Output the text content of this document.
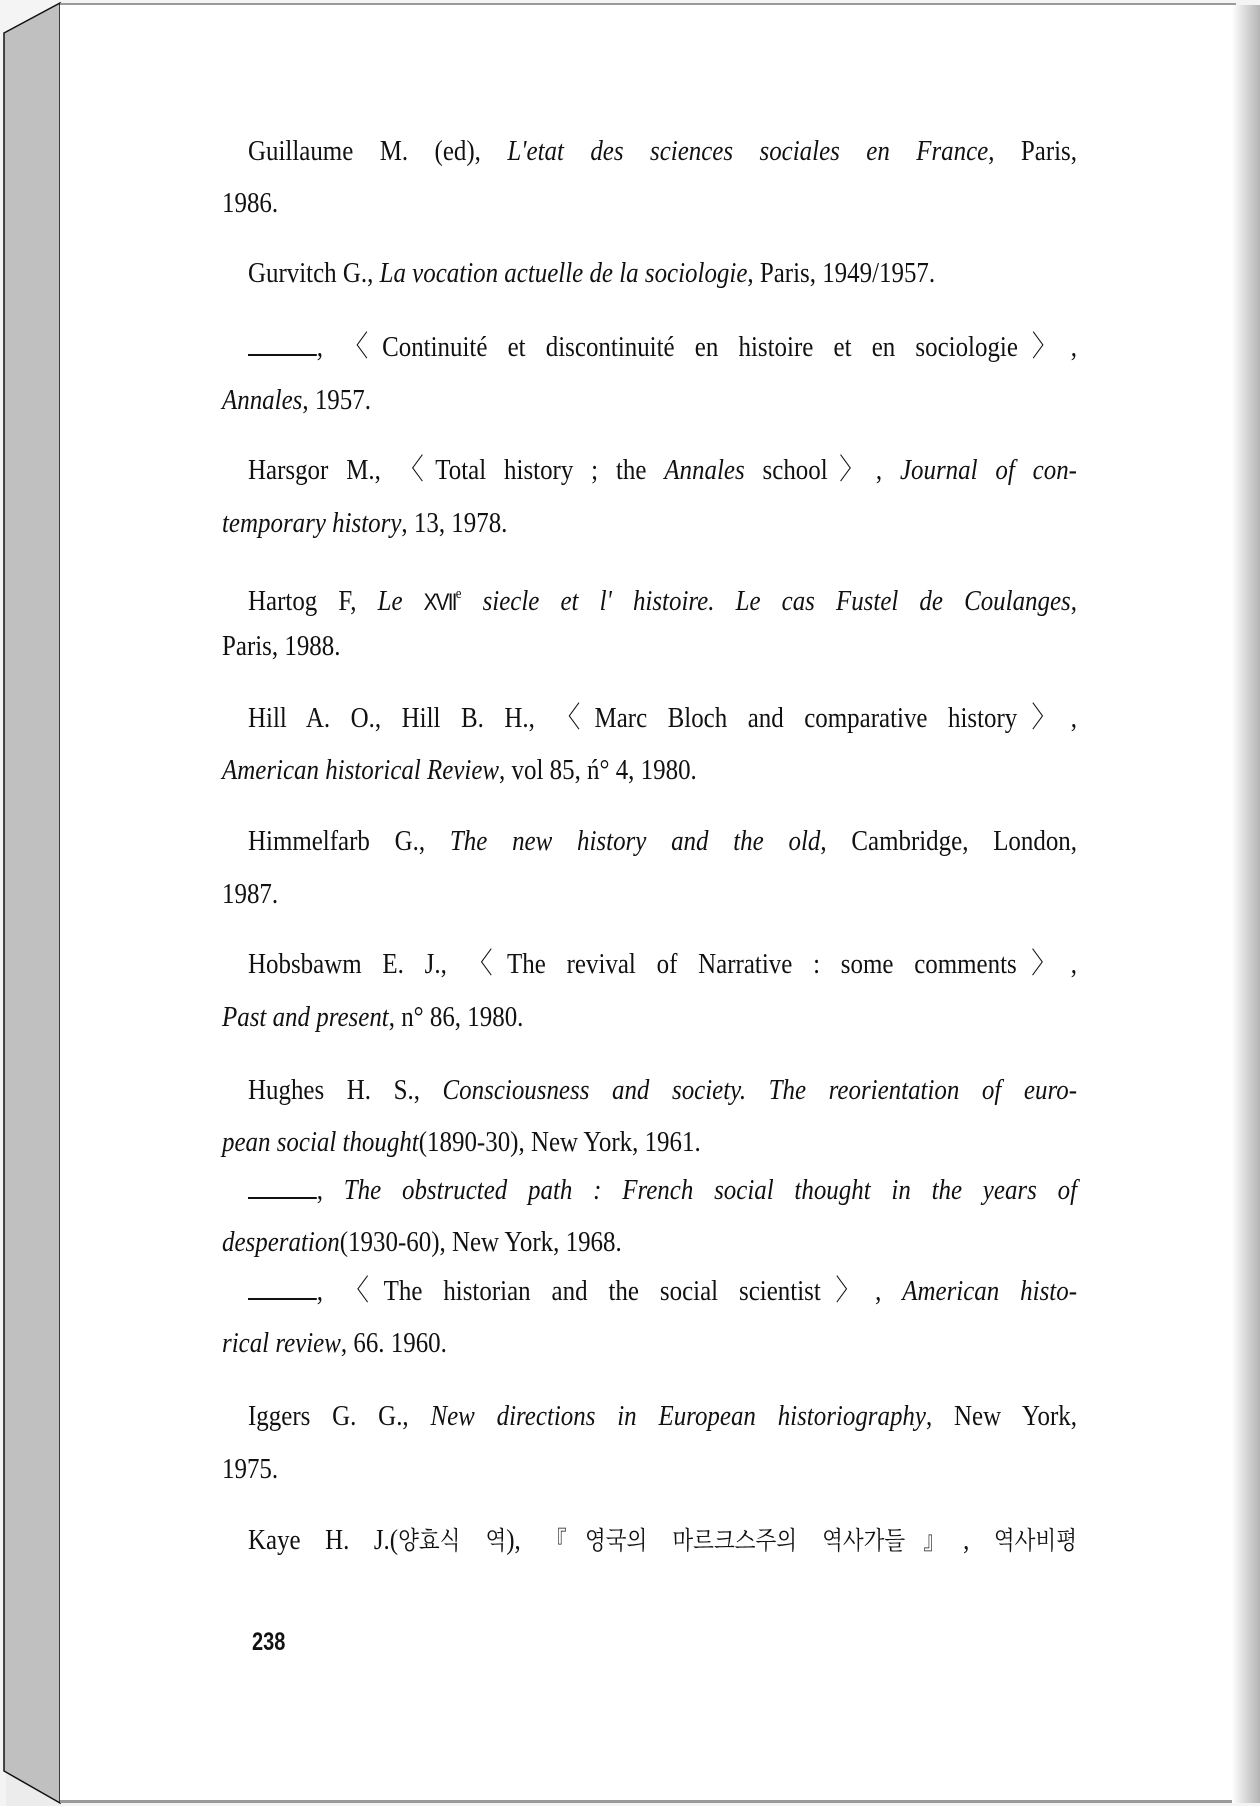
Guillaume M. (ed), L'etat des sciences sociales en France, Paris,
1986.
Gurvitch G., La vocation actuelle de la sociologie, Paris, 1949/1957.
, 〈Continuité et discontinuité en histoire et en sociologie〉,
Annales, 1957.
Harsgor M., 〈Total history ; the Annales school〉, Journal of con-
temporary history, 13, 1978.
Hartog F, Le XVIIe siecle et l' histoire. Le cas Fustel de Coulanges,
Paris, 1988.
Hill A. O., Hill B. H., 〈Marc Bloch and comparative history〉,
American historical Review, vol 85, ń° 4, 1980.
Himmelfarb G., The new history and the old, Cambridge, London,
1987.
Hobsbawm E. J., 〈The revival of Narrative : some comments〉,
Past and present, n° 86, 1980.
Hughes H. S., Consciousness and society. The reorientation of euro-
pean social thought(1890-30), New York, 1961.
, The obstructed path : French social thought in the years of
desperation(1930-60), New York, 1968.
, 〈The historian and the social scientist〉, American histo-
rical review, 66. 1960.
Iggers G. G., New directions in European historiography, New York,
1975.
Kaye H. J.(양효식 역), 『영국의 마르크스주의 역사가들』, 역사비평
238
